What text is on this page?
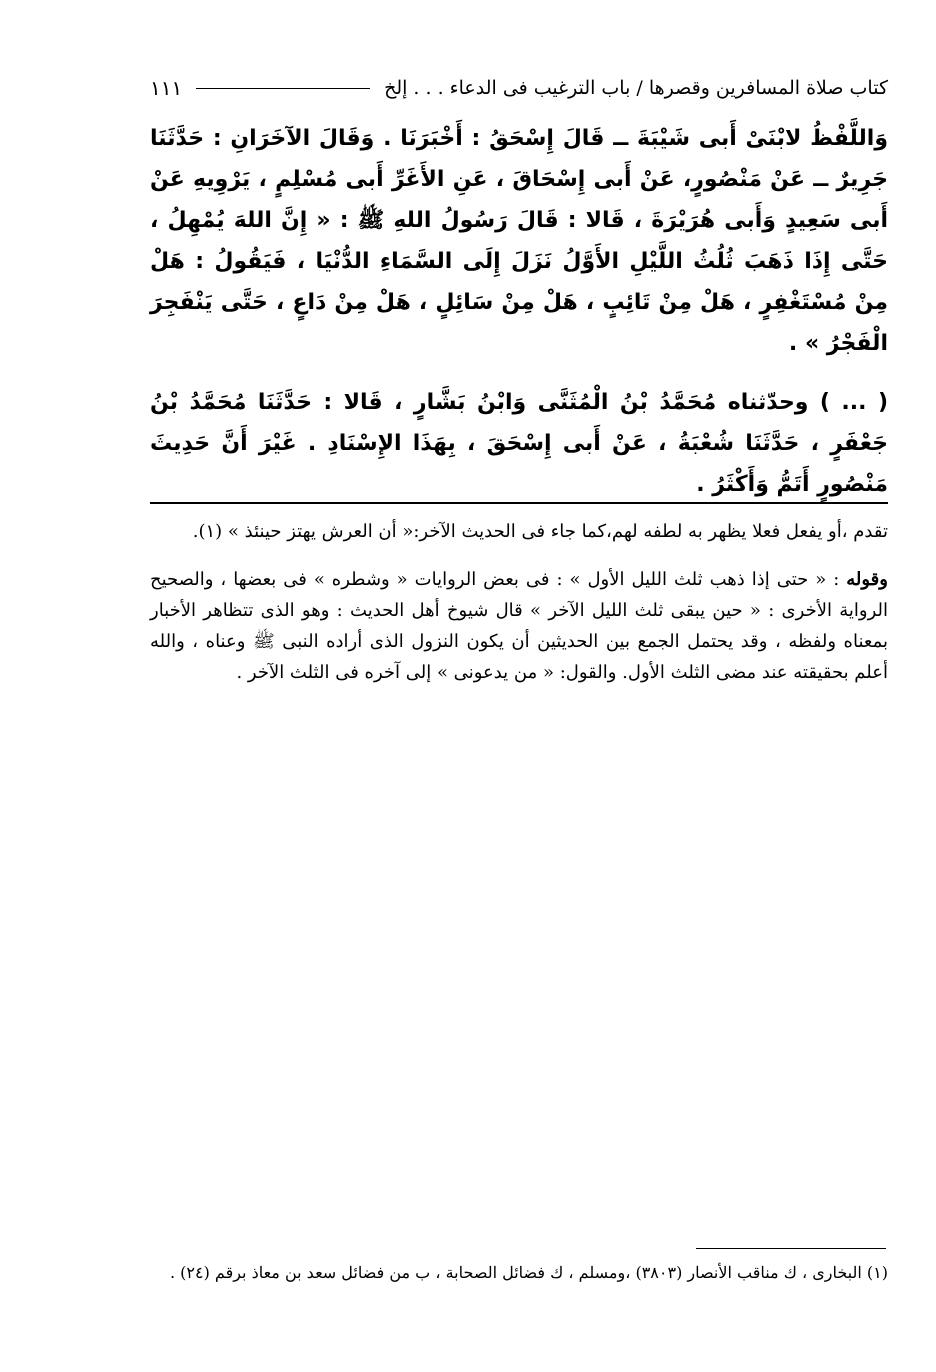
كتاب صلاة المسافرين وقصرها / باب الترغيب فى الدعاء . . . إلخ
١١١

وَاللَّفْظُ لابْنَىْ أَبى شَيْبَةَ ــ قَالَ إِسْحَقُ : أَخْبَرَنَا . وَقَالَ الآخَرَانِ : حَدَّثَنَا جَرِيرٌ ــ عَنْ مَنْصُورٍ، عَنْ أَبى إِسْحَاقَ ، عَنِ الأَغَرِّ أَبى مُسْلِمٍ ، يَرْوِيهِ عَنْ أَبى سَعِيدٍ وَأَبى هُرَيْرَةَ ، قَالا : قَالَ رَسُولُ اللهِ ﷺ : « إِنَّ اللهَ يُمْهِلُ ، حَتَّى إِذَا ذَهَبَ ثُلُثُ اللَّيْلِ الأَوَّلُ نَزَلَ إِلَى السَّمَاءِ الدُّنْيَا ، فَيَقُولُ : هَلْ مِنْ مُسْتَغْفِرٍ ، هَلْ مِنْ تَائِبٍ ، هَلْ مِنْ سَائِلٍ ، هَلْ مِنْ دَاعٍ ، حَتَّى يَنْفَجِرَ الْفَجْرُ » .

( ... ) وحدّثناه مُحَمَّدُ بْنُ الْمُثَنَّى وَابْنُ بَشَّارٍ ، قَالا : حَدَّثَنَا مُحَمَّدُ بْنُ جَعْفَرٍ ، حَدَّثَنَا شُعْبَةُ ، عَنْ أَبى إِسْحَقَ ، بِهَذَا الإِسْنَادِ . غَيْرَ أَنَّ حَدِيثَ مَنْصُورٍ أَتَمُّ وَأَكْثَرُ .

تقدم ،أو يفعل فعلا يظهر به لطفه لهم،كما جاء فى الحديث الآخر:« أن العرش يهتز حينئذ » (١).

وقوله : « حتى إذا ذهب ثلث الليل الأول » : فى بعض الروايات « وشطره » فى بعضها ، والصحيح الرواية الأخرى : « حين يبقى ثلث الليل الآخر » قال شيوخ أهل الحديث : وهو الذى تتظاهر الأخبار بمعناه ولفظه ، وقد يحتمل الجمع بين الحديثين أن يكون النزول الذى أراده النبى ﷺ وعناه ، والله أعلم بحقيقته عند مضى الثلث الأول. والقول: « من يدعونى » إلى آخره فى الثلث الآخر .

(١) البخارى ، ك مناقب الأنصار (٣٨٠٣) ،ومسلم ، ك فضائل الصحابة ، ب من فضائل سعد بن معاذ برقم (٢٤) .
